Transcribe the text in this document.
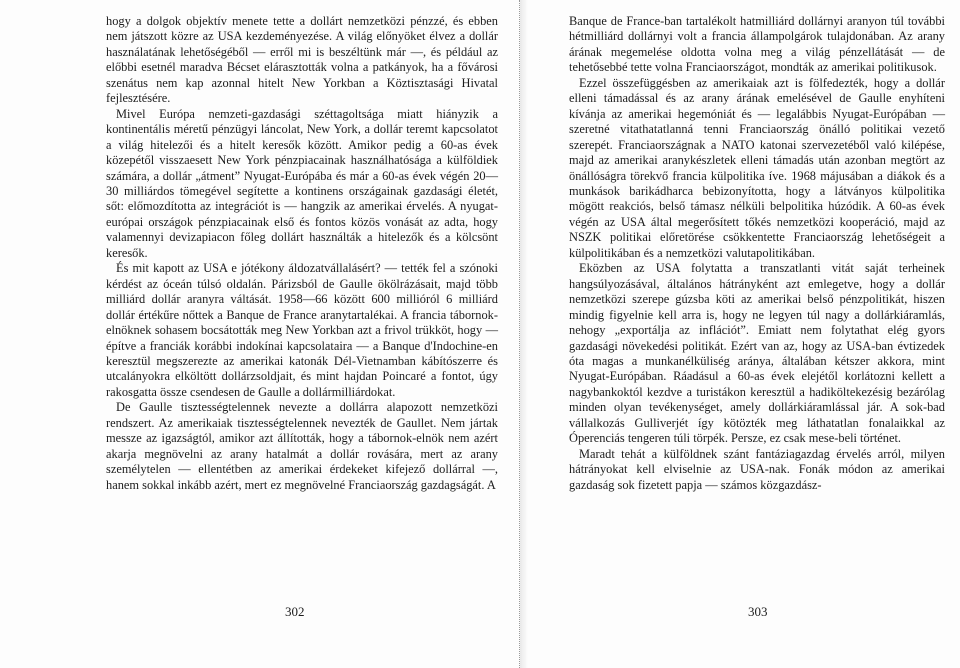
hogy a dolgok objektív menete tette a dollárt nemzetközi pénzzé, és ebben nem játszott közre az USA kezdeményezése. A világ előnyöket élvez a dollár használatának lehetőségéből — erről mi is beszéltünk már —, és például az előbbi esetnél maradva Bécset elárasztották volna a patkányok, ha a fővárosi szenátus nem kap azonnal hitelt New Yorkban a Köztisztasági Hivatal fejlesztésére.

Mivel Európa nemzeti-gazdasági széttagoltsága miatt hiányzik a kontinentális méretű pénzügyi láncolat, New York, a dollár teremt kapcsolatot a világ hitelezői és a hitelt keresők között. Amikor pedig a 60-as évek közepétől visszaesett New York pénzpiacainak használhatósága a külföldiek számára, a dollár „átment” Nyugat-Európába és már a 60-as évek végén 20—30 milliárdos tömegével segítette a kontinens országainak gazdasági életét, sőt: előmozdította az integrációt is — hangzik az amerikai érvelés. A nyugat-európai országok pénzpiacainak első és fontos közös vonását az adta, hogy valamennyi devizapiacon főleg dollárt használták a hitelezők és a kölcsönt keresők.

És mit kapott az USA e jótékony áldozatvállalásért? — tették fel a szónoki kérdést az óceán túlsó oldalán. Párizsból de Gaulle ökölrázásait, majd több milliárd dollár aranyra váltását. 1958—66 között 600 millióról 6 milliárd dollár értékűre nőttek a Banque de France aranytartalékai. A francia tábornok-elnöknek sohasem bocsátották meg New Yorkban azt a frivol trükköt, hogy — építve a franciák korábbi indokínai kapcsolataira — a Banque d'Indochine-en keresztül megszerezte az amerikai katonák Dél-Vietnamban kábítószerre és utcalányokra elköltött dollárzsoldjait, és mint hajdan Poincaré a fontot, úgy rakosgatta össze csendesen de Gaulle a dollármilliárdokat.

De Gaulle tisztességtelennek nevezte a dollárra alapozott nemzetközi rendszert. Az amerikaiak tisztességtelennek nevezték de Gaullet. Nem jártak messze az igazságtól, amikor azt állították, hogy a tábornok-elnök nem azért akarja megnövelni az arany hatalmát a dollár rovására, mert az arany személytelen — ellentétben az amerikai érdekeket kifejező dollárral —, hanem sokkal inkább azért, mert ez megnövelné Franciaország gazdagságát. A

Banque de France-ban tartalékolt hatmilliárd dollárnyi aranyon túl további hétmilliárd dollárnyi volt a francia állampolgárok tulajdonában. Az arany árának megemelése oldotta volna meg a világ pénzellátását — de tehetősebbé tette volna Franciaországot, mondták az amerikai politikusok.

Ezzel összefüggésben az amerikaiak azt is fölfedezték, hogy a dollár elleni támadással és az arany árának emelésével de Gaulle enyhíteni kívánja az amerikai hegemóniát és — legalábbis Nyugat-Európában — szeretné vitathatatlanná tenni Franciaország önálló politikai vezető szerepét. Franciaországnak a NATO katonai szervezetéből való kilépése, majd az amerikai aranykészletek elleni támadás után azonban megtört az önállóságra törekvő francia külpolitika íve. 1968 májusában a diákok és a munkások barikádharca bebizonyította, hogy a látványos külpolitika mögött reakciós, belső támasz nélküli belpolitika húzódik. A 60-as évek végén az USA által megerősített tőkés nemzetközi kooperáció, majd az NSZK politikai előretörése csökkentette Franciaország lehetőségeit a külpolitikában és a nemzetközi valutapolitikában.

Eközben az USA folytatta a transzatlanti vitát saját terheinek hangsúlyozásával, általános hátrányként azt emlegetve, hogy a dollár nemzetközi szerepe gúzsba köti az amerikai belső pénzpolitikát, hiszen mindig figyelnie kell arra is, hogy ne legyen túl nagy a dollárkiáramlás, nehogy „exportálja az inflációt”. Emiatt nem folytathat elég gyors gazdasági növekedési politikát. Ezért van az, hogy az USA-ban évtizedek óta magas a munkanélküliség aránya, általában kétszer akkora, mint Nyugat-Európában. Ráadásul a 60-as évek elejétől korlátozni kellett a nagybankoktól kezdve a turistákon keresztül a hadiköltekezésig bezárólag minden olyan tevékenységet, amely dollárkiáramlással jár. A sok-bad vállalkozás Gulliverjét így kötözték meg láthatatlan fonalaikkal az Óperenciás tengeren túli törpék. Persze, ez csak mese-beli történet.

Maradt tehát a külföldnek szánt fantáziagazdag érvelés arról, milyen hátrányokat kell elviselnie az USA-nak. Fonák módon az amerikai gazdaság sok fizetett papja — számos közgazdász-

302	303
